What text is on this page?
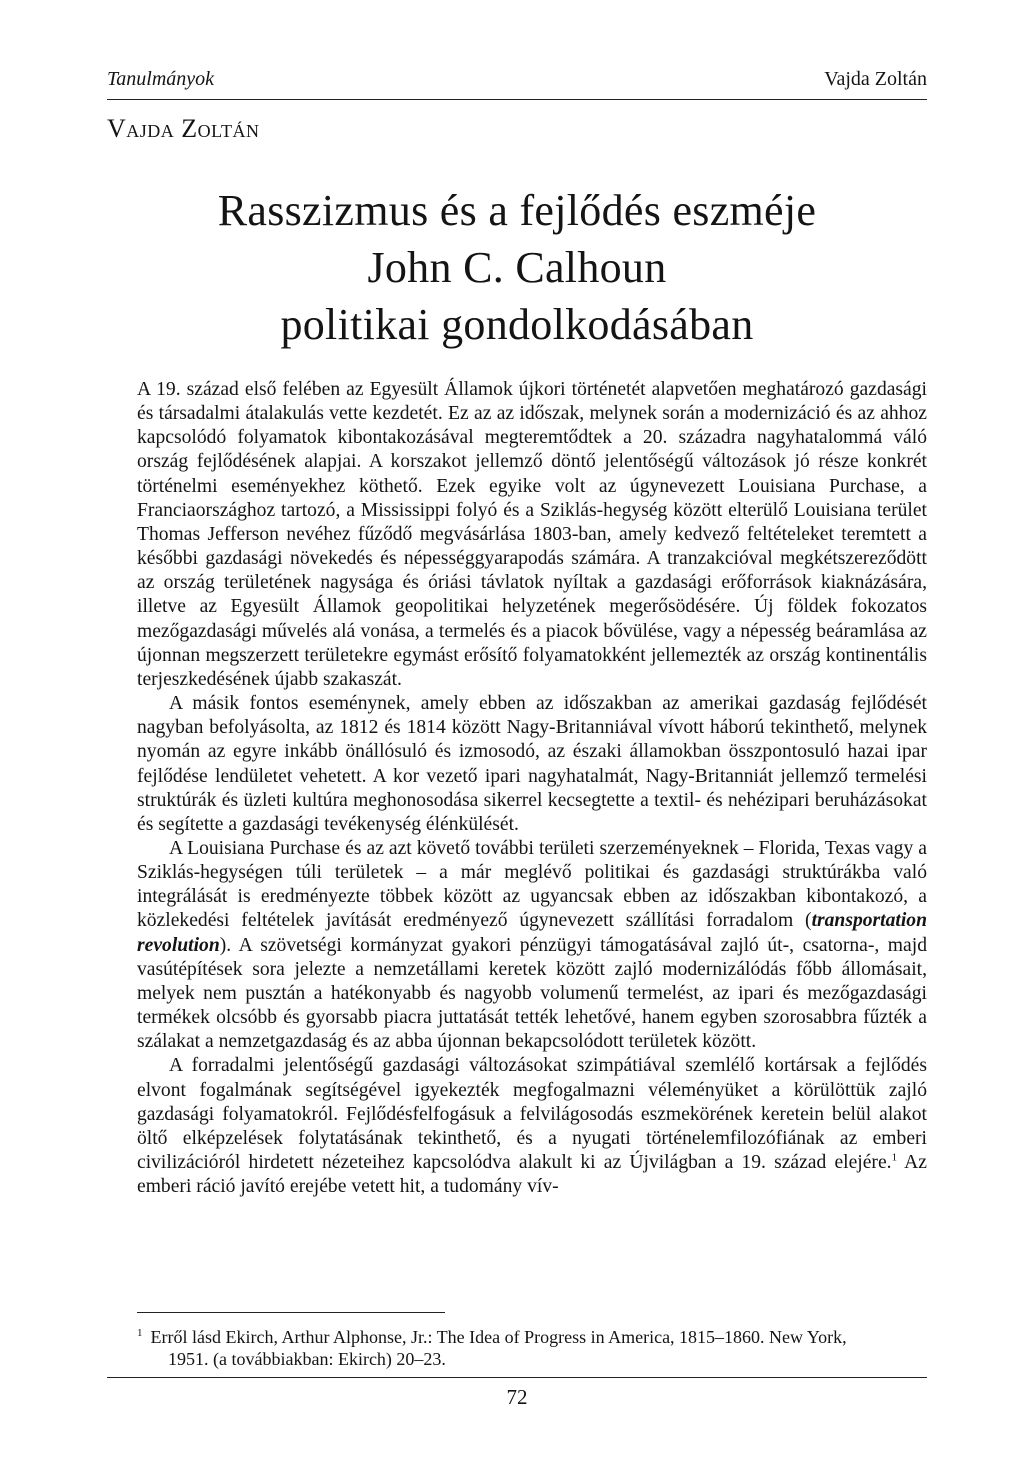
Tanulmányok	Vajda Zoltán
Vajda Zoltán
Rasszizmus és a fejlődés eszméje
John C. Calhoun
politikai gondolkodásában

A 19. század első felében az Egyesült Államok újkori történetét alapvetően meghatározó gazdasági és társadalmi átalakulás vette kezdetét. Ez az az időszak, melynek során a modernizáció és az ahhoz kapcsolódó folyamatok kibontakozásával megteremtődtek a 20. századra nagyhatalommá váló ország fejlődésének alapjai. A korszakot jellemző döntő jelentőségű változások jó része konkrét történelmi eseményekhez köthető. Ezek egyike volt az úgynevezett Louisiana Purchase, a Franciaországhoz tartozó, a Mississippi folyó és a Sziklás-hegység között elterülő Louisiana terület Thomas Jefferson nevéhez fűződő megvásárlása 1803-ban, amely kedvező feltételeket teremtett a későbbi gazdasági növekedés és népességgyarapodás számára. A tranzakcióval megkétszereződött az ország területének nagysága és óriási távlatok nyíltak a gazdasági erőforrások kiaknázására, illetve az Egyesült Államok geopolitikai helyzetének megerősödésére. Új földek fokozatos mezőgazdasági művelés alá vonása, a termelés és a piacok bővülése, vagy a népesség beáramlása az újonnan megszerzett területekre egymást erősítő folyamatokként jellemezték az ország kontinentális terjeszkedésének újabb szakaszát.

A másik fontos eseménynek, amely ebben az időszakban az amerikai gazdaság fejlődését nagyban befolyásolta, az 1812 és 1814 között Nagy-Britanniával vívott háború tekinthető, melynek nyomán az egyre inkább önállósuló és izmosodó, az északi államokban összpontosuló hazai ipar fejlődése lendületet vehetett. A kor vezető ipari nagyhatalmát, Nagy-Britanniát jellemző termelési struktúrák és üzleti kultúra meghonosodása sikerrel kecsegtette a textil- és nehézipari beruházásokat és segítette a gazdasági tevékenység élénkülését.

A Louisiana Purchase és az azt követő további területi szerzeményeknek – Florida, Texas vagy a Sziklás-hegységen túli területek – a már meglévő politikai és gazdasági struktúrákba való integrálását is eredményezte többek között az ugyancsak ebben az időszakban kibontakozó, a közlekedési feltételek javítását eredményező úgynevezett szállítási forradalom (transportation revolution). A szövetségi kormányzat gyakori pénzügyi támogatásával zajló út-, csatorna-, majd vasútépítések sora jelezte a nemzetállami keretek között zajló modernizálódás főbb állomásait, melyek nem pusztán a hatékonyabb és nagyobb volumenű termelést, az ipari és mezőgazdasági termékek olcsóbb és gyorsabb piacra juttatását tették lehetővé, hanem egyben szorosabbra fűzték a szálakat a nemzetgazdaság és az abba újonnan bekapcsolódott területek között.

A forradalmi jelentőségű gazdasági változásokat szimpátiával szemlélő kortársak a fejlődés elvont fogalmának segítségével igyekezték megfogalmazni véleményüket a körülöttük zajló gazdasági folyamatokról. Fejlődésfelfogásuk a felvilágosodás eszmekörének keretein belül alakot öltő elképzelések folytatásának tekinthető, és a nyugati történelemfilozófiának az emberi civilizációról hirdetett nézeteihez kapcsolódva alakult ki az Újvilágban a 19. század elejére.$^1$ Az emberi ráció javító erejébe vetett hit, a tudomány vív-

$^1$ Erről lásd Ekirch, Arthur Alphonse, Jr.: The Idea of Progress in America, 1815–1860. New York,
1951. (a továbbiakban: Ekirch) 20–23.
72
